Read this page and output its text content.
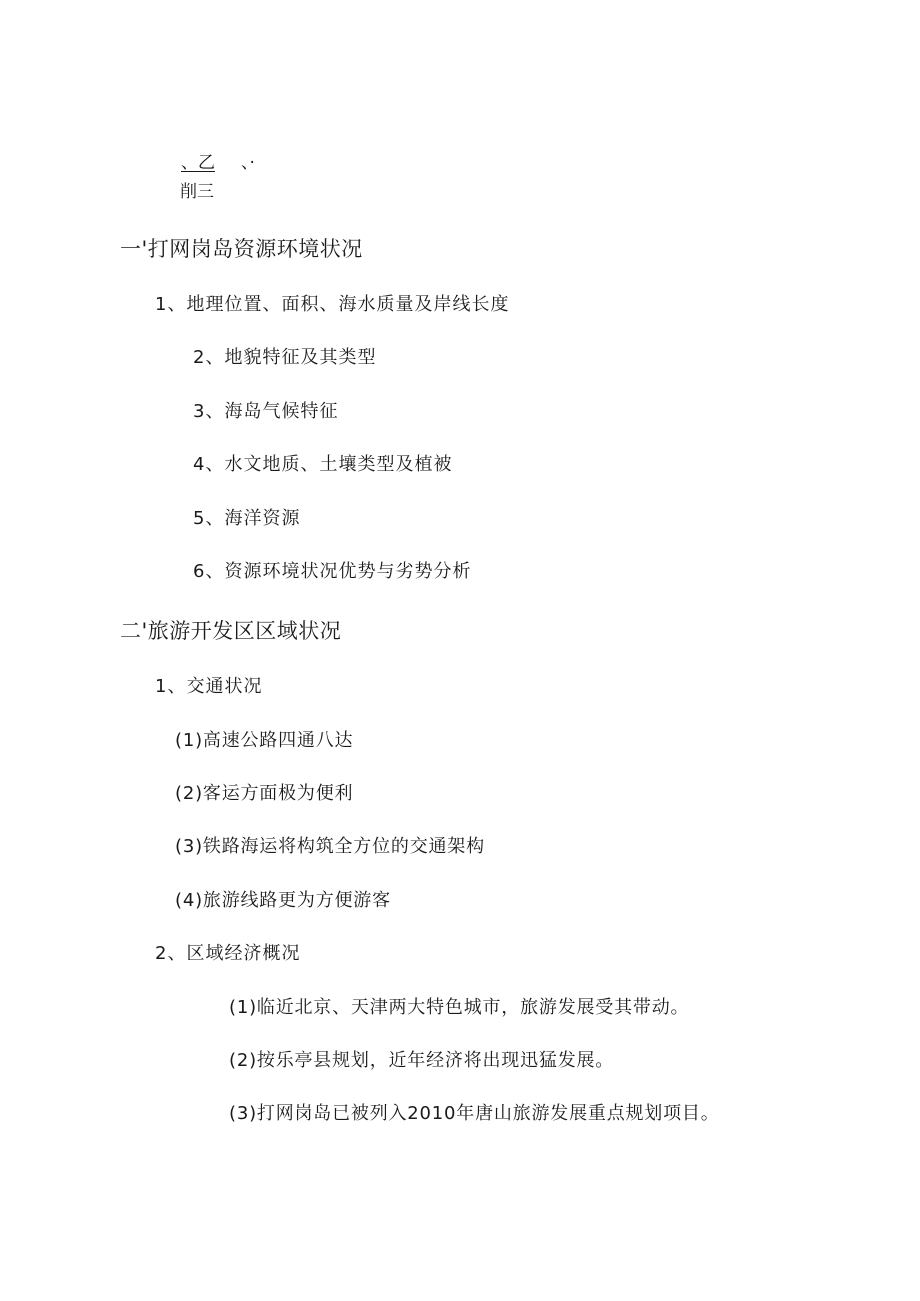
、乙 、·
削三
一'打网岗岛资源环境状况
1、地理位置、面积、海水质量及岸线长度
2、地貌特征及其类型
3、海岛气候特征
4、水文地质、土壤类型及植被
5、海洋资源
6、资源环境状况优势与劣势分析
二'旅游开发区区域状况
1、交通状况
(1)高速公路四通八达
(2)客运方面极为便利
(3)铁路海运将构筑全方位的交通架构
(4)旅游线路更为方便游客
2、区域经济概况
(1)临近北京、天津两大特色城市，旅游发展受其带动。
(2)按乐亭县规划，近年经济将出现迅猛发展。
(3)打网岗岛已被列入2010年唐山旅游发展重点规划项目。
